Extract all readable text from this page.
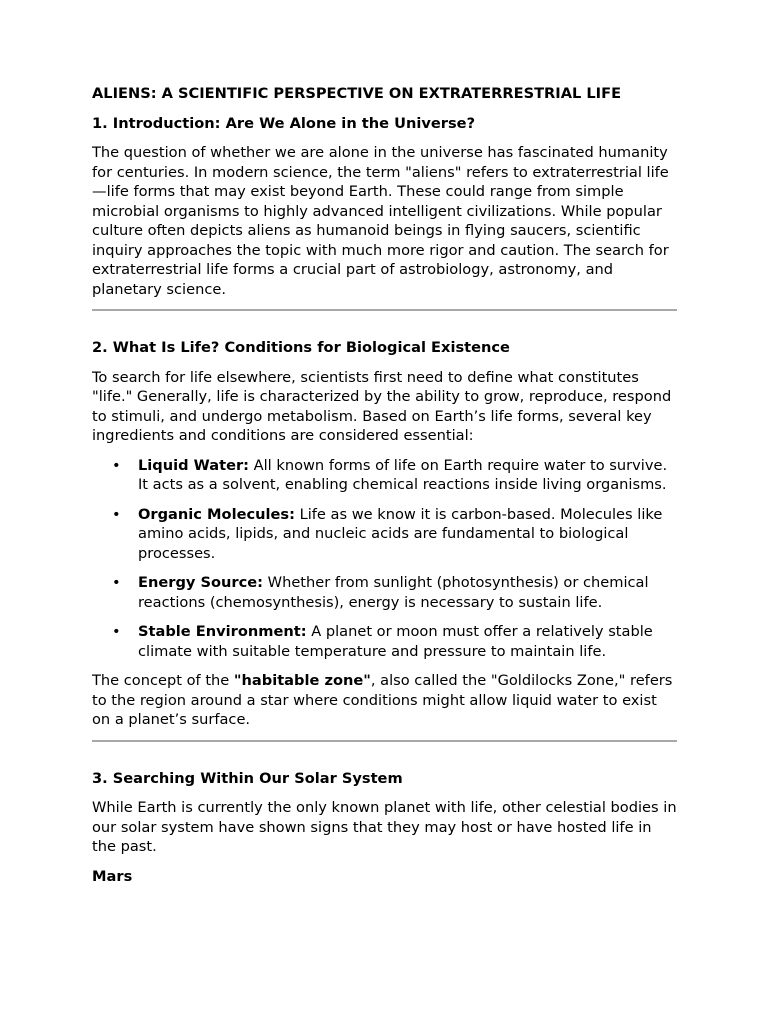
ALIENS: A SCIENTIFIC PERSPECTIVE ON EXTRATERRESTRIAL LIFE

1. Introduction: Are We Alone in the Universe?

The question of whether we are alone in the universe has fascinated humanity for centuries. In modern science, the term "aliens" refers to extraterrestrial life—life forms that may exist beyond Earth. These could range from simple microbial organisms to highly advanced intelligent civilizations. While popular culture often depicts aliens as humanoid beings in flying saucers, scientific inquiry approaches the topic with much more rigor and caution. The search for extraterrestrial life forms a crucial part of astrobiology, astronomy, and planetary science.

2. What Is Life? Conditions for Biological Existence

To search for life elsewhere, scientists first need to define what constitutes "life." Generally, life is characterized by the ability to grow, reproduce, respond to stimuli, and undergo metabolism. Based on Earth’s life forms, several key ingredients and conditions are considered essential:

• Liquid Water: All known forms of life on Earth require water to survive. It acts as a solvent, enabling chemical reactions inside living organisms.
• Organic Molecules: Life as we know it is carbon-based. Molecules like amino acids, lipids, and nucleic acids are fundamental to biological processes.
• Energy Source: Whether from sunlight (photosynthesis) or chemical reactions (chemosynthesis), energy is necessary to sustain life.
• Stable Environment: A planet or moon must offer a relatively stable climate with suitable temperature and pressure to maintain life.

The concept of the "habitable zone", also called the "Goldilocks Zone," refers to the region around a star where conditions might allow liquid water to exist on a planet’s surface.

3. Searching Within Our Solar System

While Earth is currently the only known planet with life, other celestial bodies in our solar system have shown signs that they may host or have hosted life in the past.

Mars
